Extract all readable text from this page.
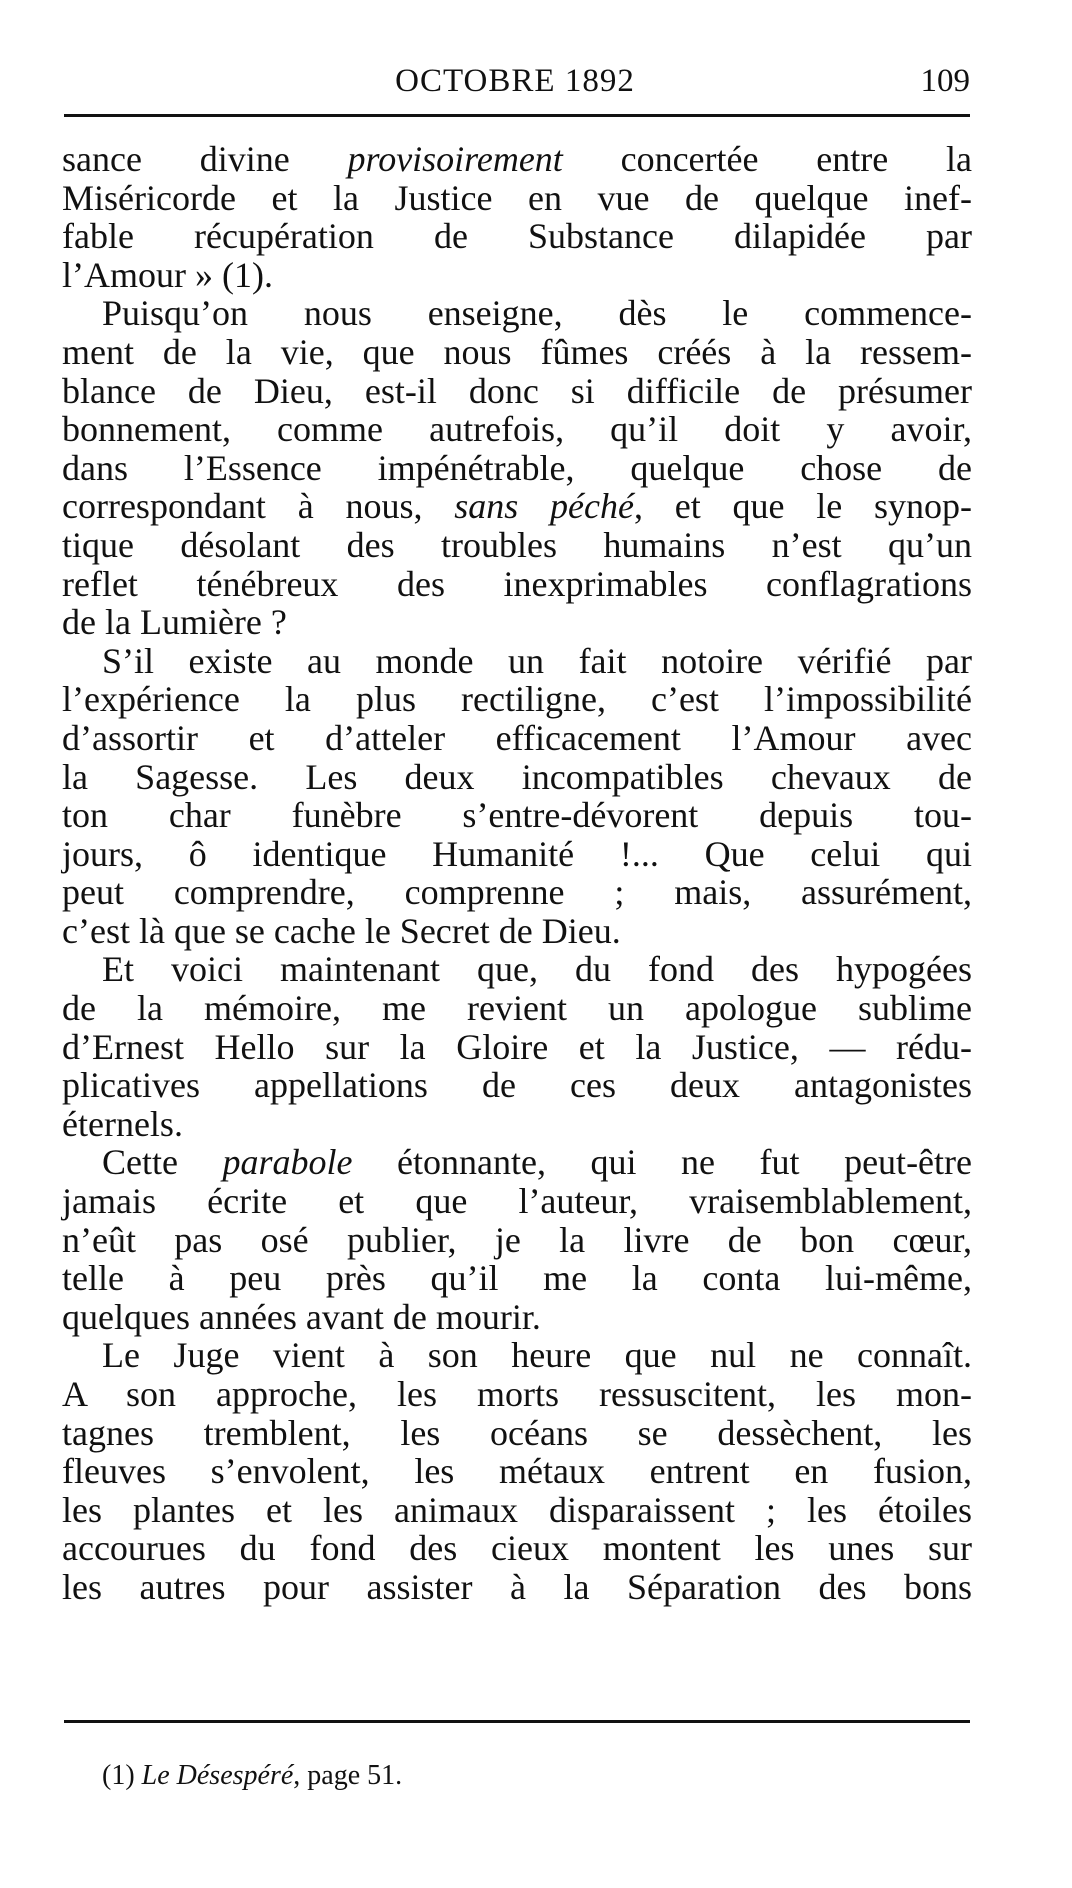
OCTOBRE 1892	109
sance divine provisoirement concertée entre la
Miséricorde et la Justice en vue de quelque inef-
fable récupération de Substance dilapidée par
l’Amour » (1).
Puisqu’on nous enseigne, dès le commence-
ment de la vie, que nous fûmes créés à la ressem-
blance de Dieu, est-il donc si difficile de présumer
bonnement, comme autrefois, qu’il doit y avoir,
dans l’Essence impénétrable, quelque chose de
correspondant à nous, sans péché, et que le synop-
tique désolant des troubles humains n’est qu’un
reflet ténébreux des inexprimables conflagrations
de la Lumière ?
S’il existe au monde un fait notoire vérifié par
l’expérience la plus rectiligne, c’est l’impossibilité
d’assortir et d’atteler efficacement l’Amour avec
la Sagesse. Les deux incompatibles chevaux de
ton char funèbre s’entre-dévorent depuis tou-
jours, ô identique Humanité !... Que celui qui
peut comprendre, comprenne ; mais, assurément,
c’est là que se cache le Secret de Dieu.
Et voici maintenant que, du fond des hypogées
de la mémoire, me revient un apologue sublime
d’Ernest Hello sur la Gloire et la Justice, — rédu-
plicatives appellations de ces deux antagonistes
éternels.
Cette parabole étonnante, qui ne fut peut-être
jamais écrite et que l’auteur, vraisemblablement,
n’eût pas osé publier, je la livre de bon cœur,
telle à peu près qu’il me la conta lui-même,
quelques années avant de mourir.
Le Juge vient à son heure que nul ne connaît.
A son approche, les morts ressuscitent, les mon-
tagnes tremblent, les océans se dessèchent, les
fleuves s’envolent, les métaux entrent en fusion,
les plantes et les animaux disparaissent ; les étoiles
accourues du fond des cieux montent les unes sur
les autres pour assister à la Séparation des bons
(1) Le Désespéré, page 51.
